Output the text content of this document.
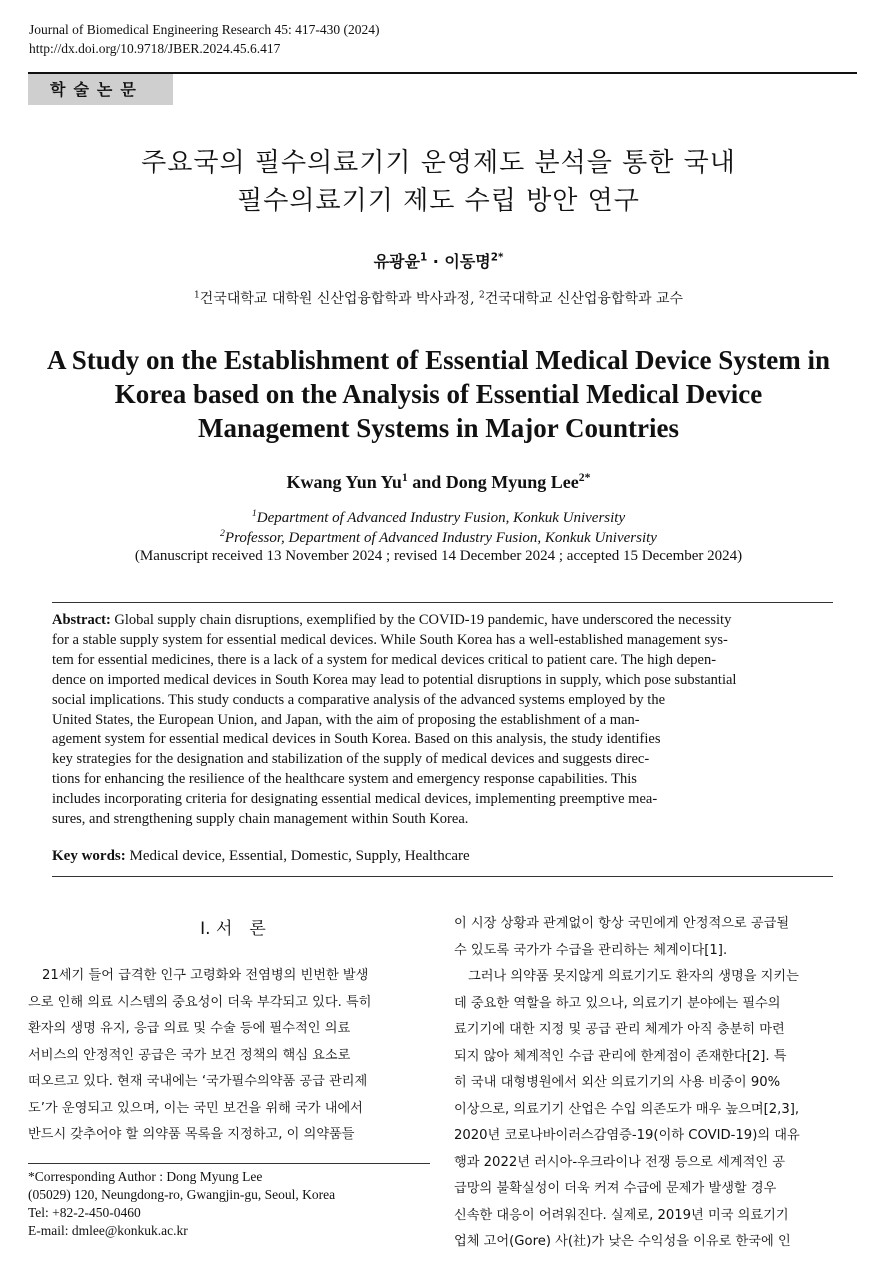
Journal of Biomedical Engineering Research 45: 417-430 (2024)
http://dx.doi.org/10.9718/JBER.2024.45.6.417
학술논문
주요국의 필수의료기기 운영제도 분석을 통한 국내
필수의료기기 제도 수립 방안 연구
유광윤$^1$ · 이동명$^{2*}$
$^1$건국대학교 대학원 신산업융합학과 박사과정, $^2$건국대학교 신산업융합학과 교수
A Study on the Establishment of Essential Medical Device System in
Korea based on the Analysis of Essential Medical Device
Management Systems in Major Countries
Kwang Yun Yu$^1$ and Dong Myung Lee$^{2*}$
$^1$Department of Advanced Industry Fusion, Konkuk University
$^2$Professor, Department of Advanced Industry Fusion, Konkuk University
(Manuscript received 13 November 2024 ; revised 14 December 2024 ; accepted 15 December 2024)
Abstract: Global supply chain disruptions, exemplified by the COVID-19 pandemic, have underscored the necessity
for a stable supply system for essential medical devices. While South Korea has a well-established management sys-
tem for essential medicines, there is a lack of a system for medical devices critical to patient care. The high depen-
dence on imported medical devices in South Korea may lead to potential disruptions in supply, which pose substantial
social implications. This study conducts a comparative analysis of the advanced systems employed by the
United States, the European Union, and Japan, with the aim of proposing the establishment of a man-
agement system for essential medical devices in South Korea. Based on this analysis, the study identifies
key strategies for the designation and stabilization of the supply of medical devices and suggests direc-
tions for enhancing the resilience of the healthcare system and emergency response capabilities. This
includes incorporating criteria for designating essential medical devices, implementing preemptive mea-
sures, and strengthening supply chain management within South Korea.
Key words: Medical device, Essential, Domestic, Supply, Healthcare
I. 서　론

21세기 들어 급격한 인구 고령화와 전염병의 빈번한 발생

으로 인해 의료 시스템의 중요성이 더욱 부각되고 있다. 특히

환자의 생명 유지, 응급 의료 및 수술 등에 필수적인 의료

서비스의 안정적인 공급은 국가 보건 정책의 핵심 요소로

떠오르고 있다. 현재 국내에는 ‘국가필수의약품 공급 관리제

도’가 운영되고 있으며, 이는 국민 보건을 위해 국가 내에서

반드시 갖추어야 할 의약품 목록을 지정하고, 이 의약품들

이 시장 상황과 관계없이 항상 국민에게 안정적으로 공급될

수 있도록 국가가 수급을 관리하는 체계이다[1].

그러나 의약품 못지않게 의료기기도 환자의 생명을 지키는

데 중요한 역할을 하고 있으나, 의료기기 분야에는 필수의

료기기에 대한 지정 및 공급 관리 체계가 아직 충분히 마련

되지 않아 체계적인 수급 관리에 한계점이 존재한다[2]. 특

히 국내 대형병원에서 외산 의료기기의 사용 비중이 90%

이상으로, 의료기기 산업은 수입 의존도가 매우 높으며[2,3],

2020년 코로나바이러스감염증-19(이하 COVID-19)의 대유

행과 2022년 러시아-우크라이나 전쟁 등으로 세계적인 공

급망의 불확실성이 더욱 커져 수급에 문제가 발생할 경우

신속한 대응이 어려워진다. 실제로, 2019년 미국 의료기기

업체 고어(Gore) 사(社)가 낮은 수익성을 이유로 한국에 인

*Corresponding Author : Dong Myung Lee
(05029) 120, Neungdong-ro, Gwangjin-gu, Seoul, Korea
Tel: +82-2-450-0460
E-mail: dmlee@konkuk.ac.kr
